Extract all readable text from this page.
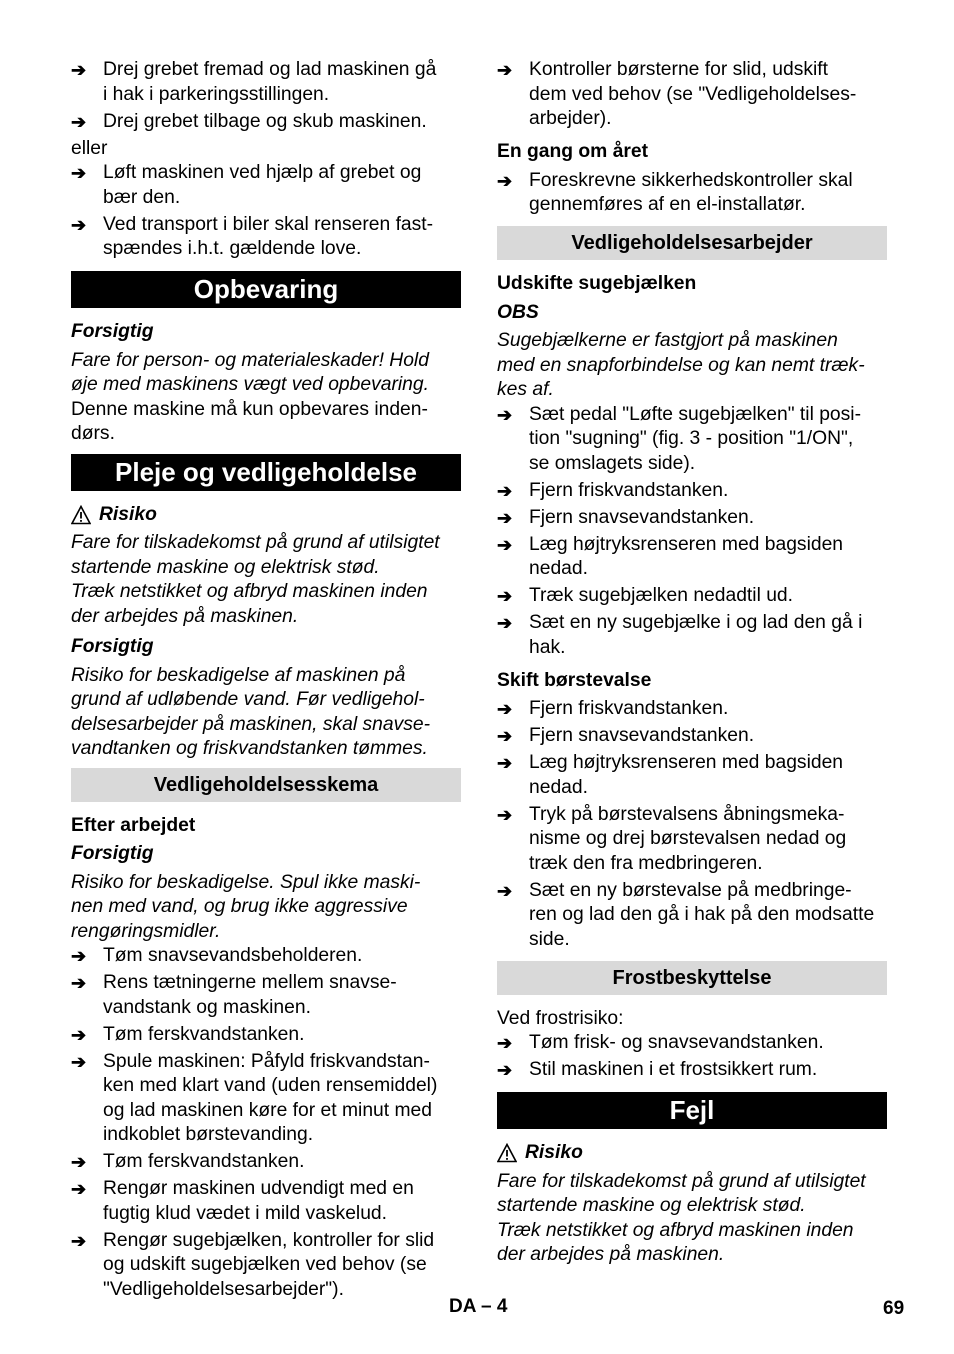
➔ Drej grebet fremad og lad maskinen gå
i hak i parkeringsstillingen.
➔ Drej grebet tilbage og skub maskinen.
eller
➔ Løft maskinen ved hjælp af grebet og
bær den.
➔ Ved transport i biler skal renseren fast-
spændes i.h.t. gældende love.
Opbevaring
Forsigtig
Fare for person- og materialeskader! Hold
øje med maskinens vægt ved opbevaring.
Denne maskine må kun opbevares inden-
dørs.
Pleje og vedligeholdelse
Risiko
Fare for tilskadekomst på grund af utilsigtet
startende maskine og elektrisk stød.
Træk netstikket og afbryd maskinen inden
der arbejdes på maskinen.
Forsigtig
Risiko for beskadigelse af maskinen på
grund af udløbende vand. Før vedligehol-
delsesarbejder på maskinen, skal snavse-
vandtanken og friskvandstanken tømmes.
Vedligeholdelsesskema
Efter arbejdet
Forsigtig
Risiko for beskadigelse. Spul ikke maski-
nen med vand, og brug ikke aggressive
rengøringsmidler.
➔ Tøm snavsevandsbeholderen.
➔ Rens tætningerne mellem snavse-
vandstank og maskinen.
➔ Tøm ferskvandstanken.
➔ Spule maskinen: Påfyld friskvandstan-
ken med klart vand (uden rensemiddel)
og lad maskinen køre for et minut med
indkoblet børstevanding.
➔ Tøm ferskvandstanken.
➔ Rengør maskinen udvendigt med en
fugtig klud vædet i mild vaskelud.
➔ Rengør sugebjælken, kontroller for slid
og udskift sugebjælken ved behov (se
"Vedligeholdelsesarbejder").
➔ Kontroller børsterne for slid, udskift
dem ved behov (se "Vedligeholdelses-
arbejder).
En gang om året
➔ Foreskrevne sikkerhedskontroller skal
gennemføres af en el-installatør.
Vedligeholdelsesarbejder
Udskifte sugebjælken
OBS
Sugebjælkerne er fastgjort på maskinen
med en snapforbindelse og kan nemt træk-
kes af.
➔ Sæt pedal "Løfte sugebjælken" til posi-
tion "sugning" (fig. 3 - position "1/ON",
se omslagets side).
➔ Fjern friskvandstanken.
➔ Fjern snavsevandstanken.
➔ Læg højtryksrenseren med bagsiden
nedad.
➔ Træk sugebjælken nedadtil ud.
➔ Sæt en ny sugebjælke i og lad den gå i
hak.
Skift børstevalse
➔ Fjern friskvandstanken.
➔ Fjern snavsevandstanken.
➔ Læg højtryksrenseren med bagsiden
nedad.
➔ Tryk på børstevalsens åbningsmeka-
nisme og drej børstevalsen nedad og
træk den fra medbringeren.
➔ Sæt en ny børstevalse på medbringe-
ren og lad den gå i hak på den modsatte
side.
Frostbeskyttelse
Ved frostrisiko:
➔ Tøm frisk- og snavsevandstanken.
➔ Stil maskinen i et frostsikkert rum.
Fejl
Risiko
Fare for tilskadekomst på grund af utilsigtet
startende maskine og elektrisk stød.
Træk netstikket og afbryd maskinen inden
der arbejdes på maskinen.
DA – 4	69
